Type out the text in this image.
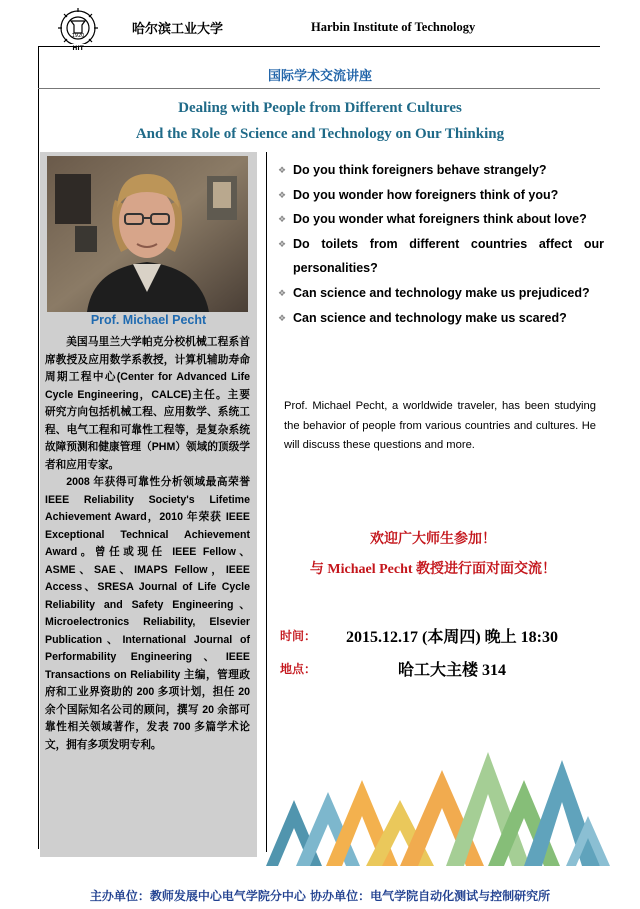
1920
HIT
哈尔滨工业大学	Harbin Institute of Technology
国际学术交流讲座
Dealing with People from Different Cultures
And the Role of Science and Technology on Our Thinking
Prof. Michael Pecht

美国马里兰大学帕克分校机械工程系首席教授及应用数学系教授，计算机辅助寿命周期工程中心(Center for Advanced Life Cycle Engineering，CALCE)主任。主要研究方向包括机械工程、应用数学、系统工程、电气工程和可靠性工程等，是复杂系统故障预测和健康管理（PHM）领域的顶级学者和应用专家。

2008 年获得可靠性分析领域最高荣誉 IEEE Reliability Society's Lifetime Achievement Award，2010 年荣获 IEEE Exceptional Technical Achievement Award。曾任或现任 IEEE Fellow、ASME、SAE、IMAPS Fellow，IEEE Access、SRESA Journal of Life Cycle Reliability and Safety Engineering、Microelectronics Reliability, Elsevier Publication、International Journal of Performability Engineering、IEEE Transactions on Reliability 主编，管理政府和工业界资助的 200 多项计划，担任 20 余个国际知名公司的顾问，撰写 20 余部可靠性相关领域著作，发表 700 多篇学术论文，拥有多项发明专利。

❖ Do you think foreigners behave strangely?
❖ Do you wonder how foreigners think of you?
❖ Do you wonder what foreigners think about love?
❖ Do toilets from different countries affect our personalities?
❖ Can science and technology make us prejudiced?
❖ Can science and technology make us scared?

Prof. Michael Pecht, a worldwide traveler, has been studying the behavior of people from various countries and cultures. He will discuss these questions and more.

欢迎广大师生参加！
与 Michael Pecht 教授进行面对面交流！
时间： 2015.12.17 (本周四) 晚上 18:30
地点：	哈工大主楼 314
主办单位：教师发展中心电气学院分中心 协办单位：电气学院自动化测试与控制研究所
